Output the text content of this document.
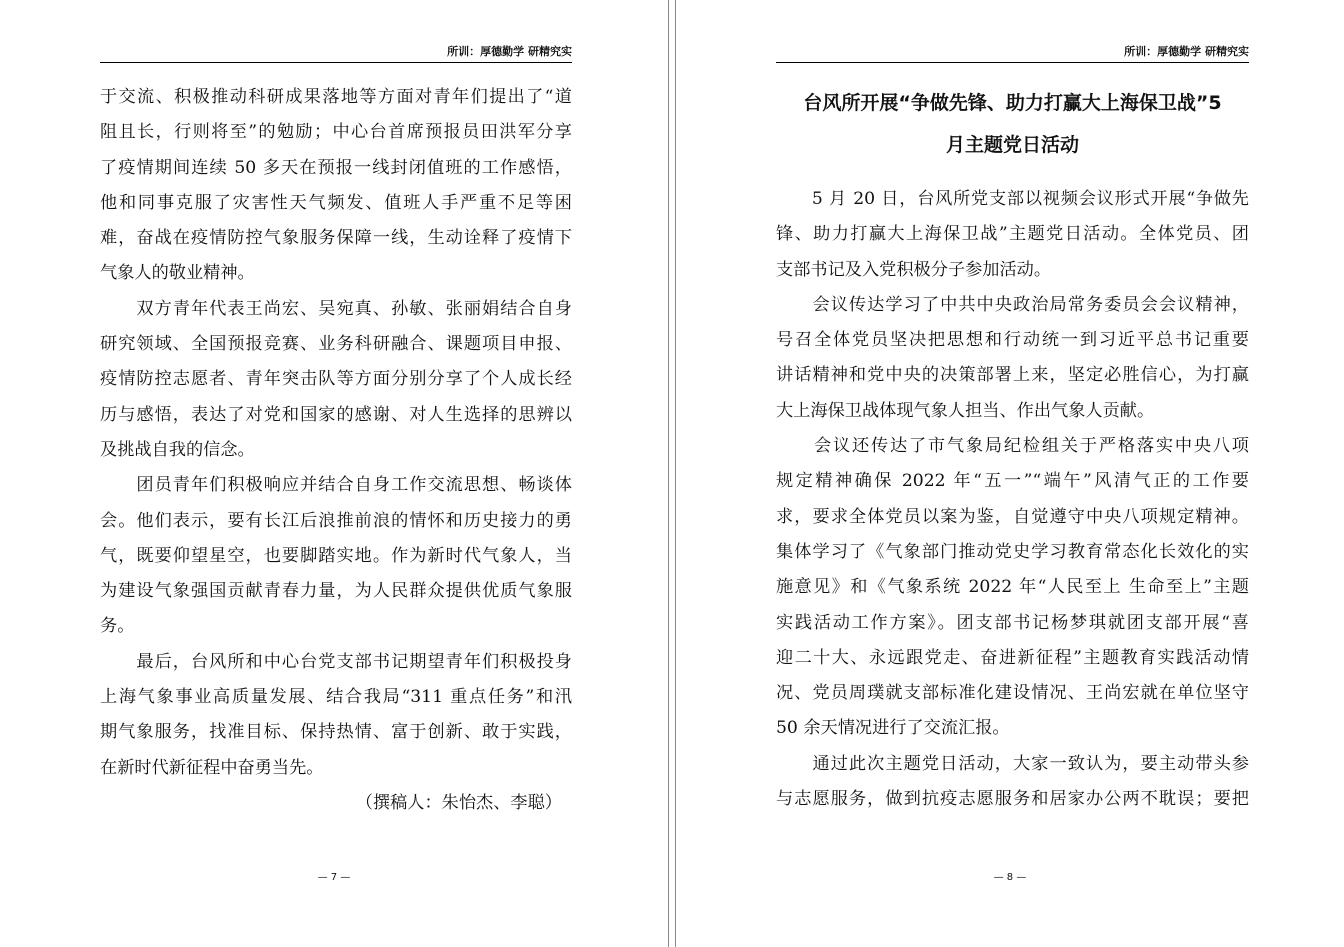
所训：厚德勤学 研精究实
于交流、积极推动科研成果落地等方面对青年们提出了“道
阻且长，行则将至”的勉励；中心台首席预报员田洪军分享
了疫情期间连续 50 多天在预报一线封闭值班的工作感悟，
他和同事克服了灾害性天气频发、值班人手严重不足等困
难，奋战在疫情防控气象服务保障一线，生动诠释了疫情下
气象人的敬业精神。
　　双方青年代表王尚宏、吴宛真、孙敏、张丽娟结合自身
研究领域、全国预报竞赛、业务科研融合、课题项目申报、
疫情防控志愿者、青年突击队等方面分别分享了个人成长经
历与感悟，表达了对党和国家的感谢、对人生选择的思辨以
及挑战自我的信念。
　　团员青年们积极响应并结合自身工作交流思想、畅谈体
会。他们表示，要有长江后浪推前浪的情怀和历史接力的勇
气，既要仰望星空，也要脚踏实地。作为新时代气象人，当
为建设气象强国贡献青春力量，为人民群众提供优质气象服
务。
　　最后，台风所和中心台党支部书记期望青年们积极投身
上海气象事业高质量发展、结合我局“311 重点任务”和汛
期气象服务，找准目标、保持热情、富于创新、敢于实践，
在新时代新征程中奋勇当先。
（撰稿人：朱怡杰、李聪）
— 7 —
所训：厚德勤学 研精究实
台风所开展“争做先锋、助力打赢大上海保卫战”5
月主题党日活动
　　5 月 20 日，台风所党支部以视频会议形式开展“争做先
锋、助力打赢大上海保卫战”主题党日活动。全体党员、团
支部书记及入党积极分子参加活动。
　　会议传达学习了中共中央政治局常务委员会会议精神，
号召全体党员坚决把思想和行动统一到习近平总书记重要
讲话精神和党中央的决策部署上来，坚定必胜信心，为打赢
大上海保卫战体现气象人担当、作出气象人贡献。
　　会议还传达了市气象局纪检组关于严格落实中央八项
规定精神确保 2022 年“五一”“端午”风清气正的工作要
求，要求全体党员以案为鉴，自觉遵守中央八项规定精神。
集体学习了《气象部门推动党史学习教育常态化长效化的实
施意见》和《气象系统 2022 年“人民至上 生命至上”主题
实践活动工作方案》。团支部书记杨梦琪就团支部开展“喜
迎二十大、永远跟党走、奋进新征程”主题教育实践活动情
况、党员周璞就支部标准化建设情况、王尚宏就在单位坚守
50 余天情况进行了交流汇报。
　　通过此次主题党日活动，大家一致认为，要主动带头参
与志愿服务，做到抗疫志愿服务和居家办公两不耽误；要把
— 8 —
